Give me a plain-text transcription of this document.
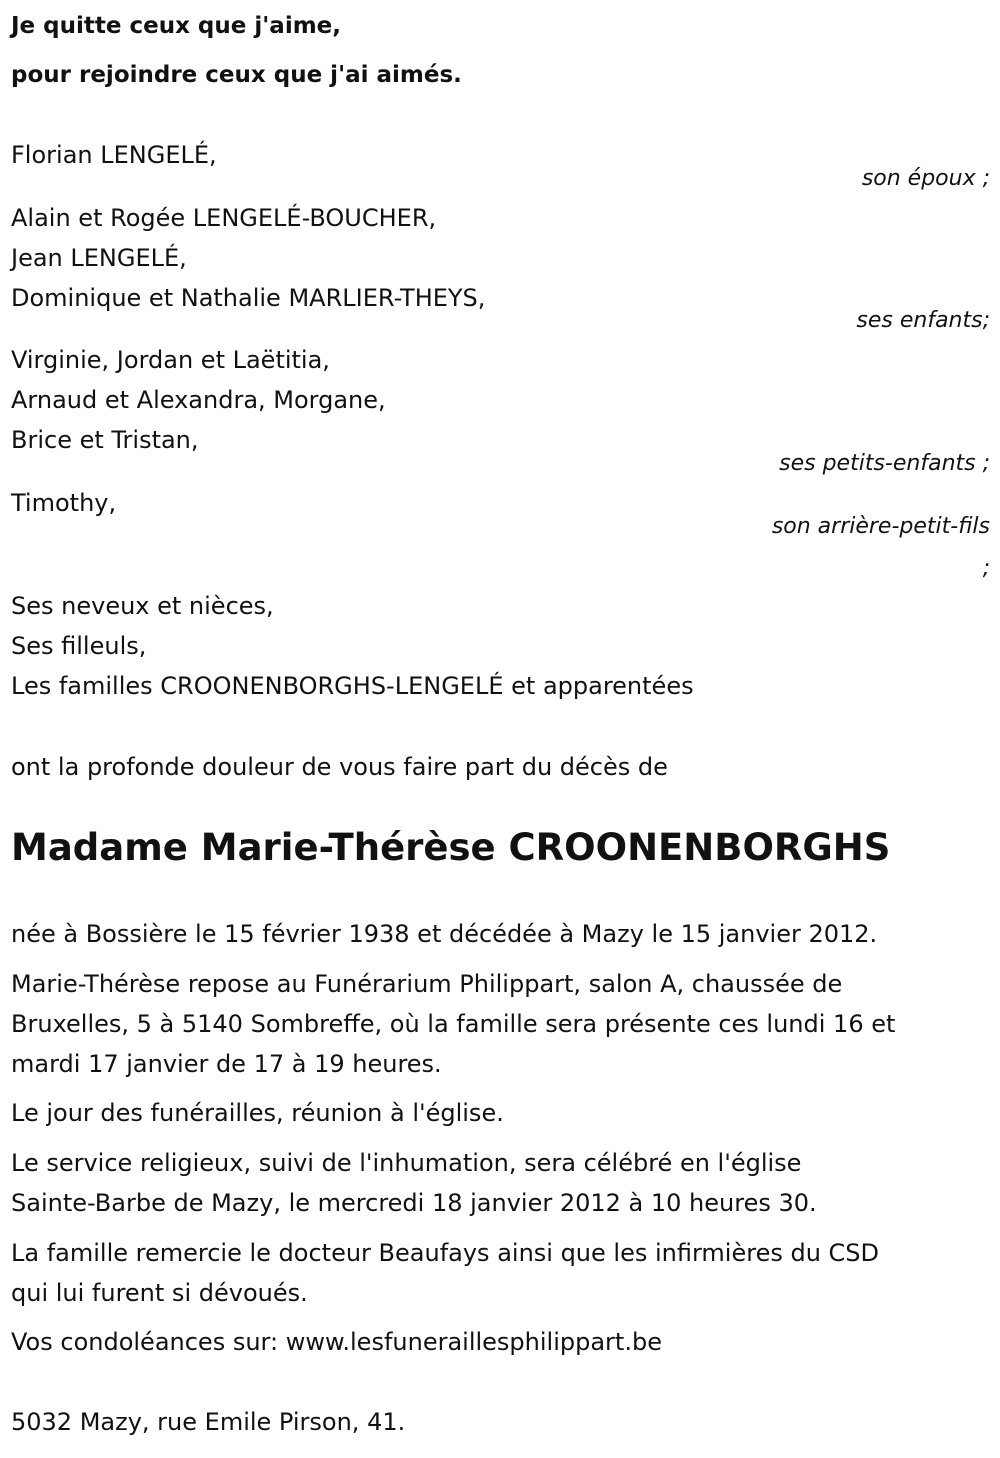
Je quitte ceux que j'aime,
pour rejoindre ceux que j'ai aimés.
Florian LENGELÉ,
son époux ;
Alain et Rogée LENGELÉ-BOUCHER,
Jean LENGELÉ,
Dominique et Nathalie MARLIER-THEYS,
ses enfants;
Virginie, Jordan et Laëtitia,
Arnaud et Alexandra, Morgane,
Brice et Tristan,
ses petits-enfants ;
Timothy,
son arrière-petit-fils
;
Ses neveux et nièces,
Ses filleuls,
Les familles CROONENBORGHS-LENGELÉ et apparentées
ont la profonde douleur de vous faire part du décès de
Madame Marie-Thérèse CROONENBORGHS
née à Bossière le 15 février 1938 et décédée à Mazy le 15 janvier 2012.
Marie-Thérèse repose au Funérarium Philippart, salon A, chaussée de
Bruxelles, 5 à 5140 Sombreffe, où la famille sera présente ces lundi 16 et
mardi 17 janvier de 17 à 19 heures.
Le jour des funérailles, réunion à l'église.
Le service religieux, suivi de l'inhumation, sera célébré en l'église
Sainte-Barbe de Mazy, le mercredi 18 janvier 2012 à 10 heures 30.
La famille remercie le docteur Beaufays ainsi que les infirmières du CSD
qui lui furent si dévoués.
Vos condoléances sur: www.lesfuneraillesphilippart.be
5032 Mazy, rue Emile Pirson, 41.
